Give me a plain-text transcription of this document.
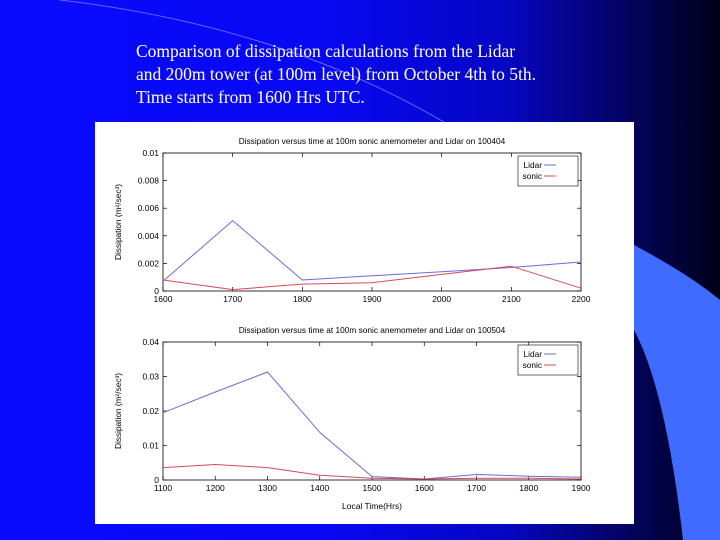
Comparison of dissipation calculations from the Lidar
and 200m tower (at 100m level) from October 4th to 5th.
Time starts from 1600 Hrs UTC.
Dissipation versus time at 100m sonic anemometer and Lidar on 100404
1600	1700	1800	1900	2000	2100	2200
0
0.002
0.004
0.006
0.008
0.01
Dissipation (m²/sec³)
Lidar
sonic
Dissipation versus time at 100m sonic anemometer and Lidar on 100504
1100	1200	1300	1400	1500	1600	1700	1800	1900
0
0.01
0.02
0.03
0.04
Dissipation (m²/sec³)
Local Time(Hrs)
Lidar
sonic
